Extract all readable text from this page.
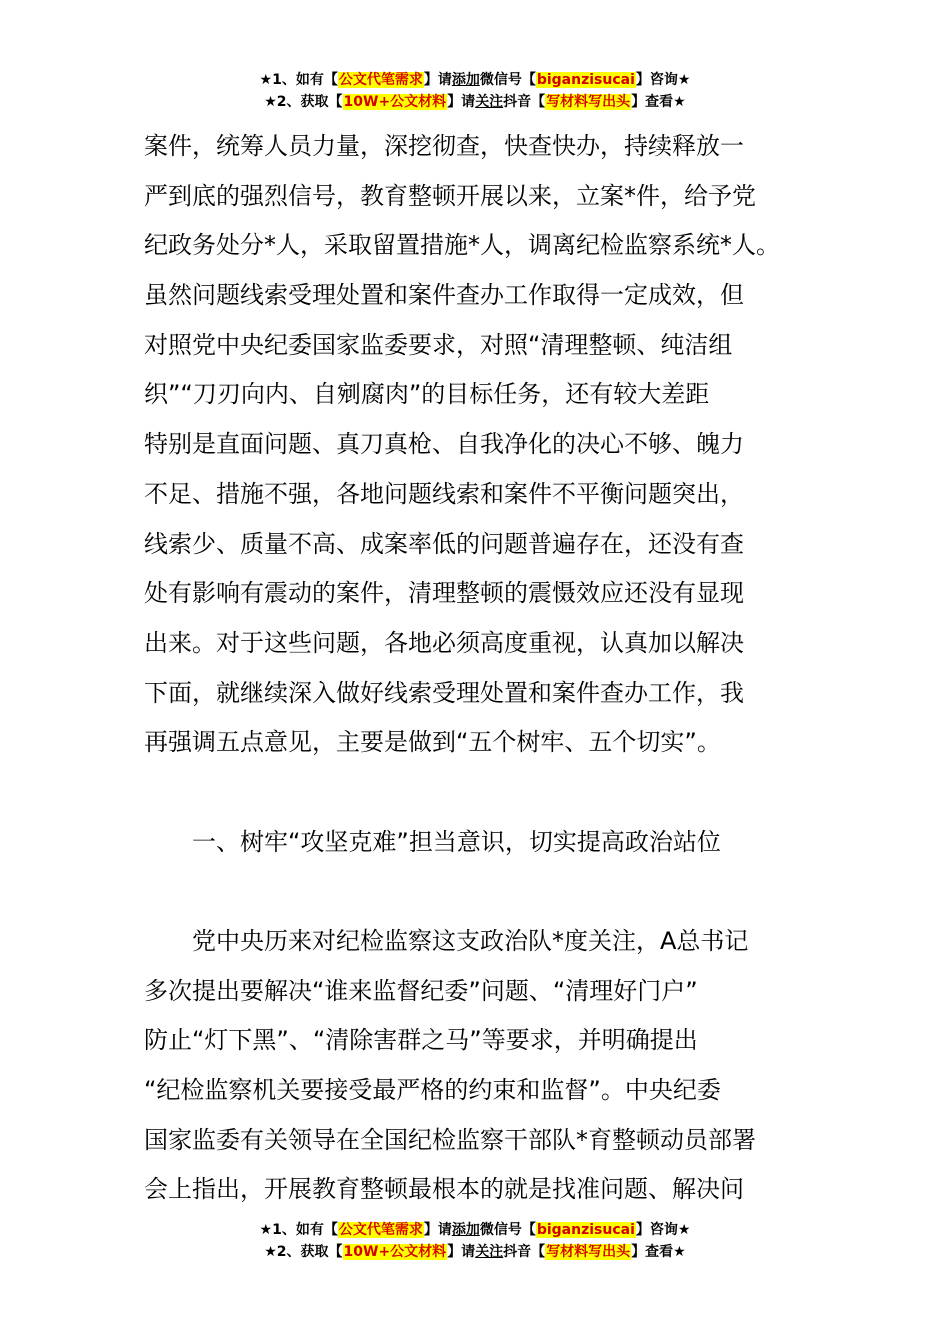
★1、如有【公文代笔需求】请添加微信号【biganzisucai】咨询★
★2、获取【10W+公文材料】请关注抖音【写材料写出头】查看★
案件，统筹人员力量，深挖彻查，快查快办，持续释放一
严到底的强烈信号，教育整顿开展以来，立案*件，给予党
纪政务处分*人，采取留置措施*人，调离纪检监察系统*人。
虽然问题线索受理处置和案件查办工作取得一定成效，但
对照党中央纪委国家监委要求，对照“清理整顿、纯洁组
织”“刀刃向内、自剜腐肉”的目标任务，还有较大差距
特别是直面问题、真刀真枪、自我净化的决心不够、魄力
不足、措施不强，各地问题线索和案件不平衡问题突出，
线索少、质量不高、成案率低的问题普遍存在，还没有查
处有影响有震动的案件，清理整顿的震慑效应还没有显现
出来。对于这些问题，各地必须高度重视，认真加以解决
下面，就继续深入做好线索受理处置和案件查办工作，我
再强调五点意见，主要是做到“五个树牢、五个切实”。
一、树牢“攻坚克难”担当意识，切实提高政治站位
党中央历来对纪检监察这支政治队*度关注，A总书记
多次提出要解决“谁来监督纪委”问题、“清理好门户”
防止“灯下黑”、“清除害群之马”等要求，并明确提出
“纪检监察机关要接受最严格的约束和监督”。中央纪委
国家监委有关领导在全国纪检监察干部队*育整顿动员部署
会上指出，开展教育整顿最根本的就是找准问题、解决问
★1、如有【公文代笔需求】请添加微信号【biganzisucai】咨询★
★2、获取【10W+公文材料】请关注抖音【写材料写出头】查看★
